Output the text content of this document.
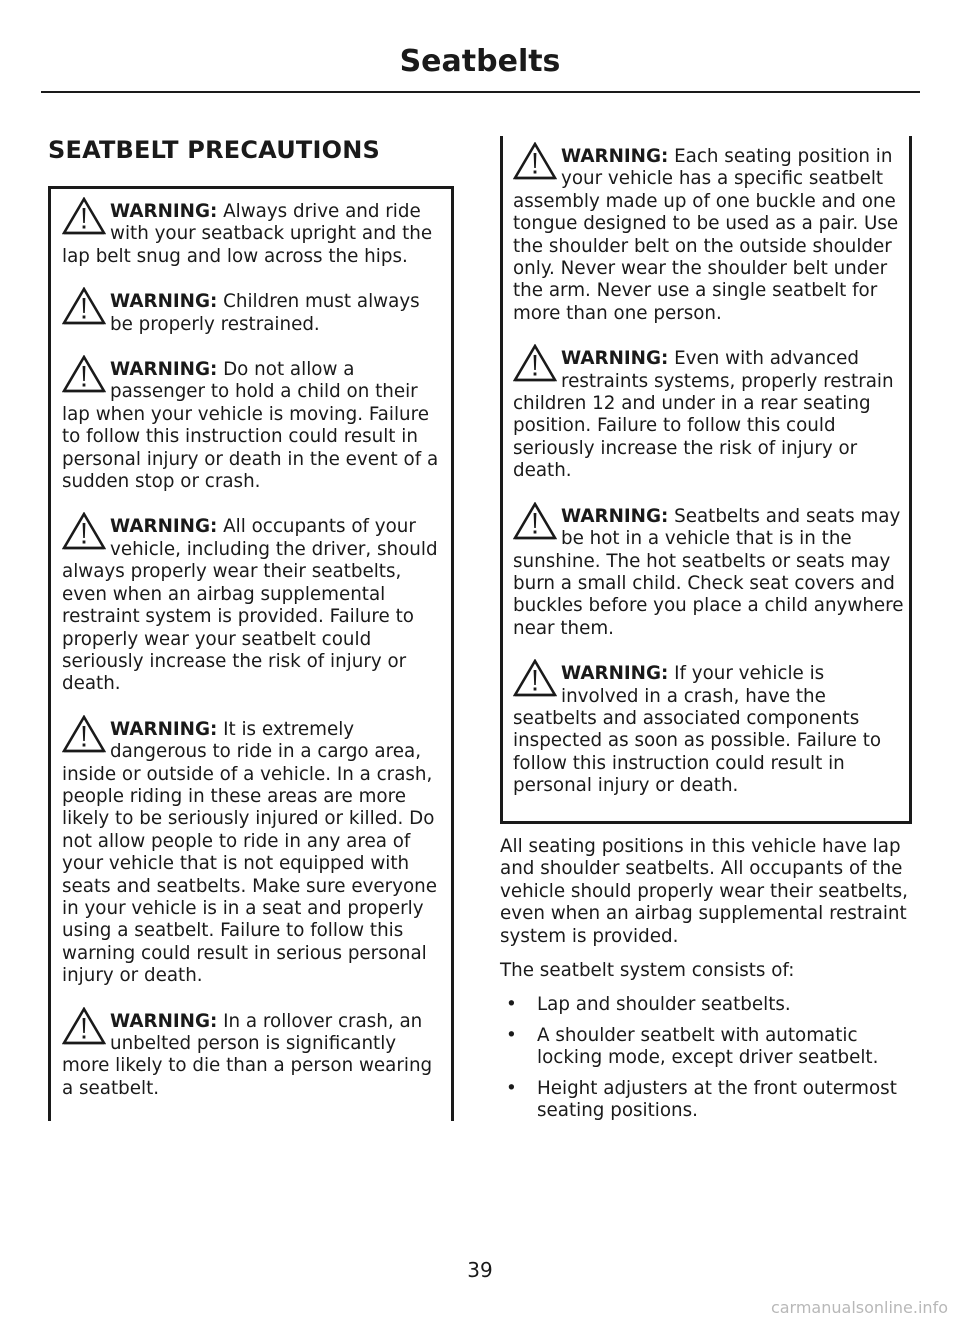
Seatbelts
SEATBELT PRECAUTIONS
WARNING: Always drive and ride with your seatback upright and the lap belt snug and low across the hips.
WARNING: Children must always be properly restrained.
WARNING: Do not allow a passenger to hold a child on their lap when your vehicle is moving. Failure to follow this instruction could result in personal injury or death in the event of a sudden stop or crash.
WARNING: All occupants of your vehicle, including the driver, should always properly wear their seatbelts, even when an airbag supplemental restraint system is provided. Failure to properly wear your seatbelt could seriously increase the risk of injury or death.
WARNING: It is extremely dangerous to ride in a cargo area, inside or outside of a vehicle. In a crash, people riding in these areas are more likely to be seriously injured or killed. Do not allow people to ride in any area of your vehicle that is not equipped with seats and seatbelts. Make sure everyone in your vehicle is in a seat and properly using a seatbelt. Failure to follow this warning could result in serious personal injury or death.
WARNING: In a rollover crash, an unbelted person is significantly more likely to die than a person wearing a seatbelt.
WARNING: Each seating position in your vehicle has a specific seatbelt assembly made up of one buckle and one tongue designed to be used as a pair. Use the shoulder belt on the outside shoulder only. Never wear the shoulder belt under the arm. Never use a single seatbelt for more than one person.
WARNING: Even with advanced restraints systems, properly restrain children 12 and under in a rear seating position. Failure to follow this could seriously increase the risk of injury or death.
WARNING: Seatbelts and seats may be hot in a vehicle that is in the sunshine. The hot seatbelts or seats may burn a small child. Check seat covers and buckles before you place a child anywhere near them.
WARNING: If your vehicle is involved in a crash, have the seatbelts and associated components inspected as soon as possible. Failure to follow this instruction could result in personal injury or death.

All seating positions in this vehicle have lap and shoulder seatbelts. All occupants of the vehicle should properly wear their seatbelts, even when an airbag supplemental restraint system is provided.

The seatbelt system consists of:

• Lap and shoulder seatbelts.
• A shoulder seatbelt with automatic locking mode, except driver seatbelt.
• Height adjusters at the front outermost seating positions.
39
carmanualsonline.info
